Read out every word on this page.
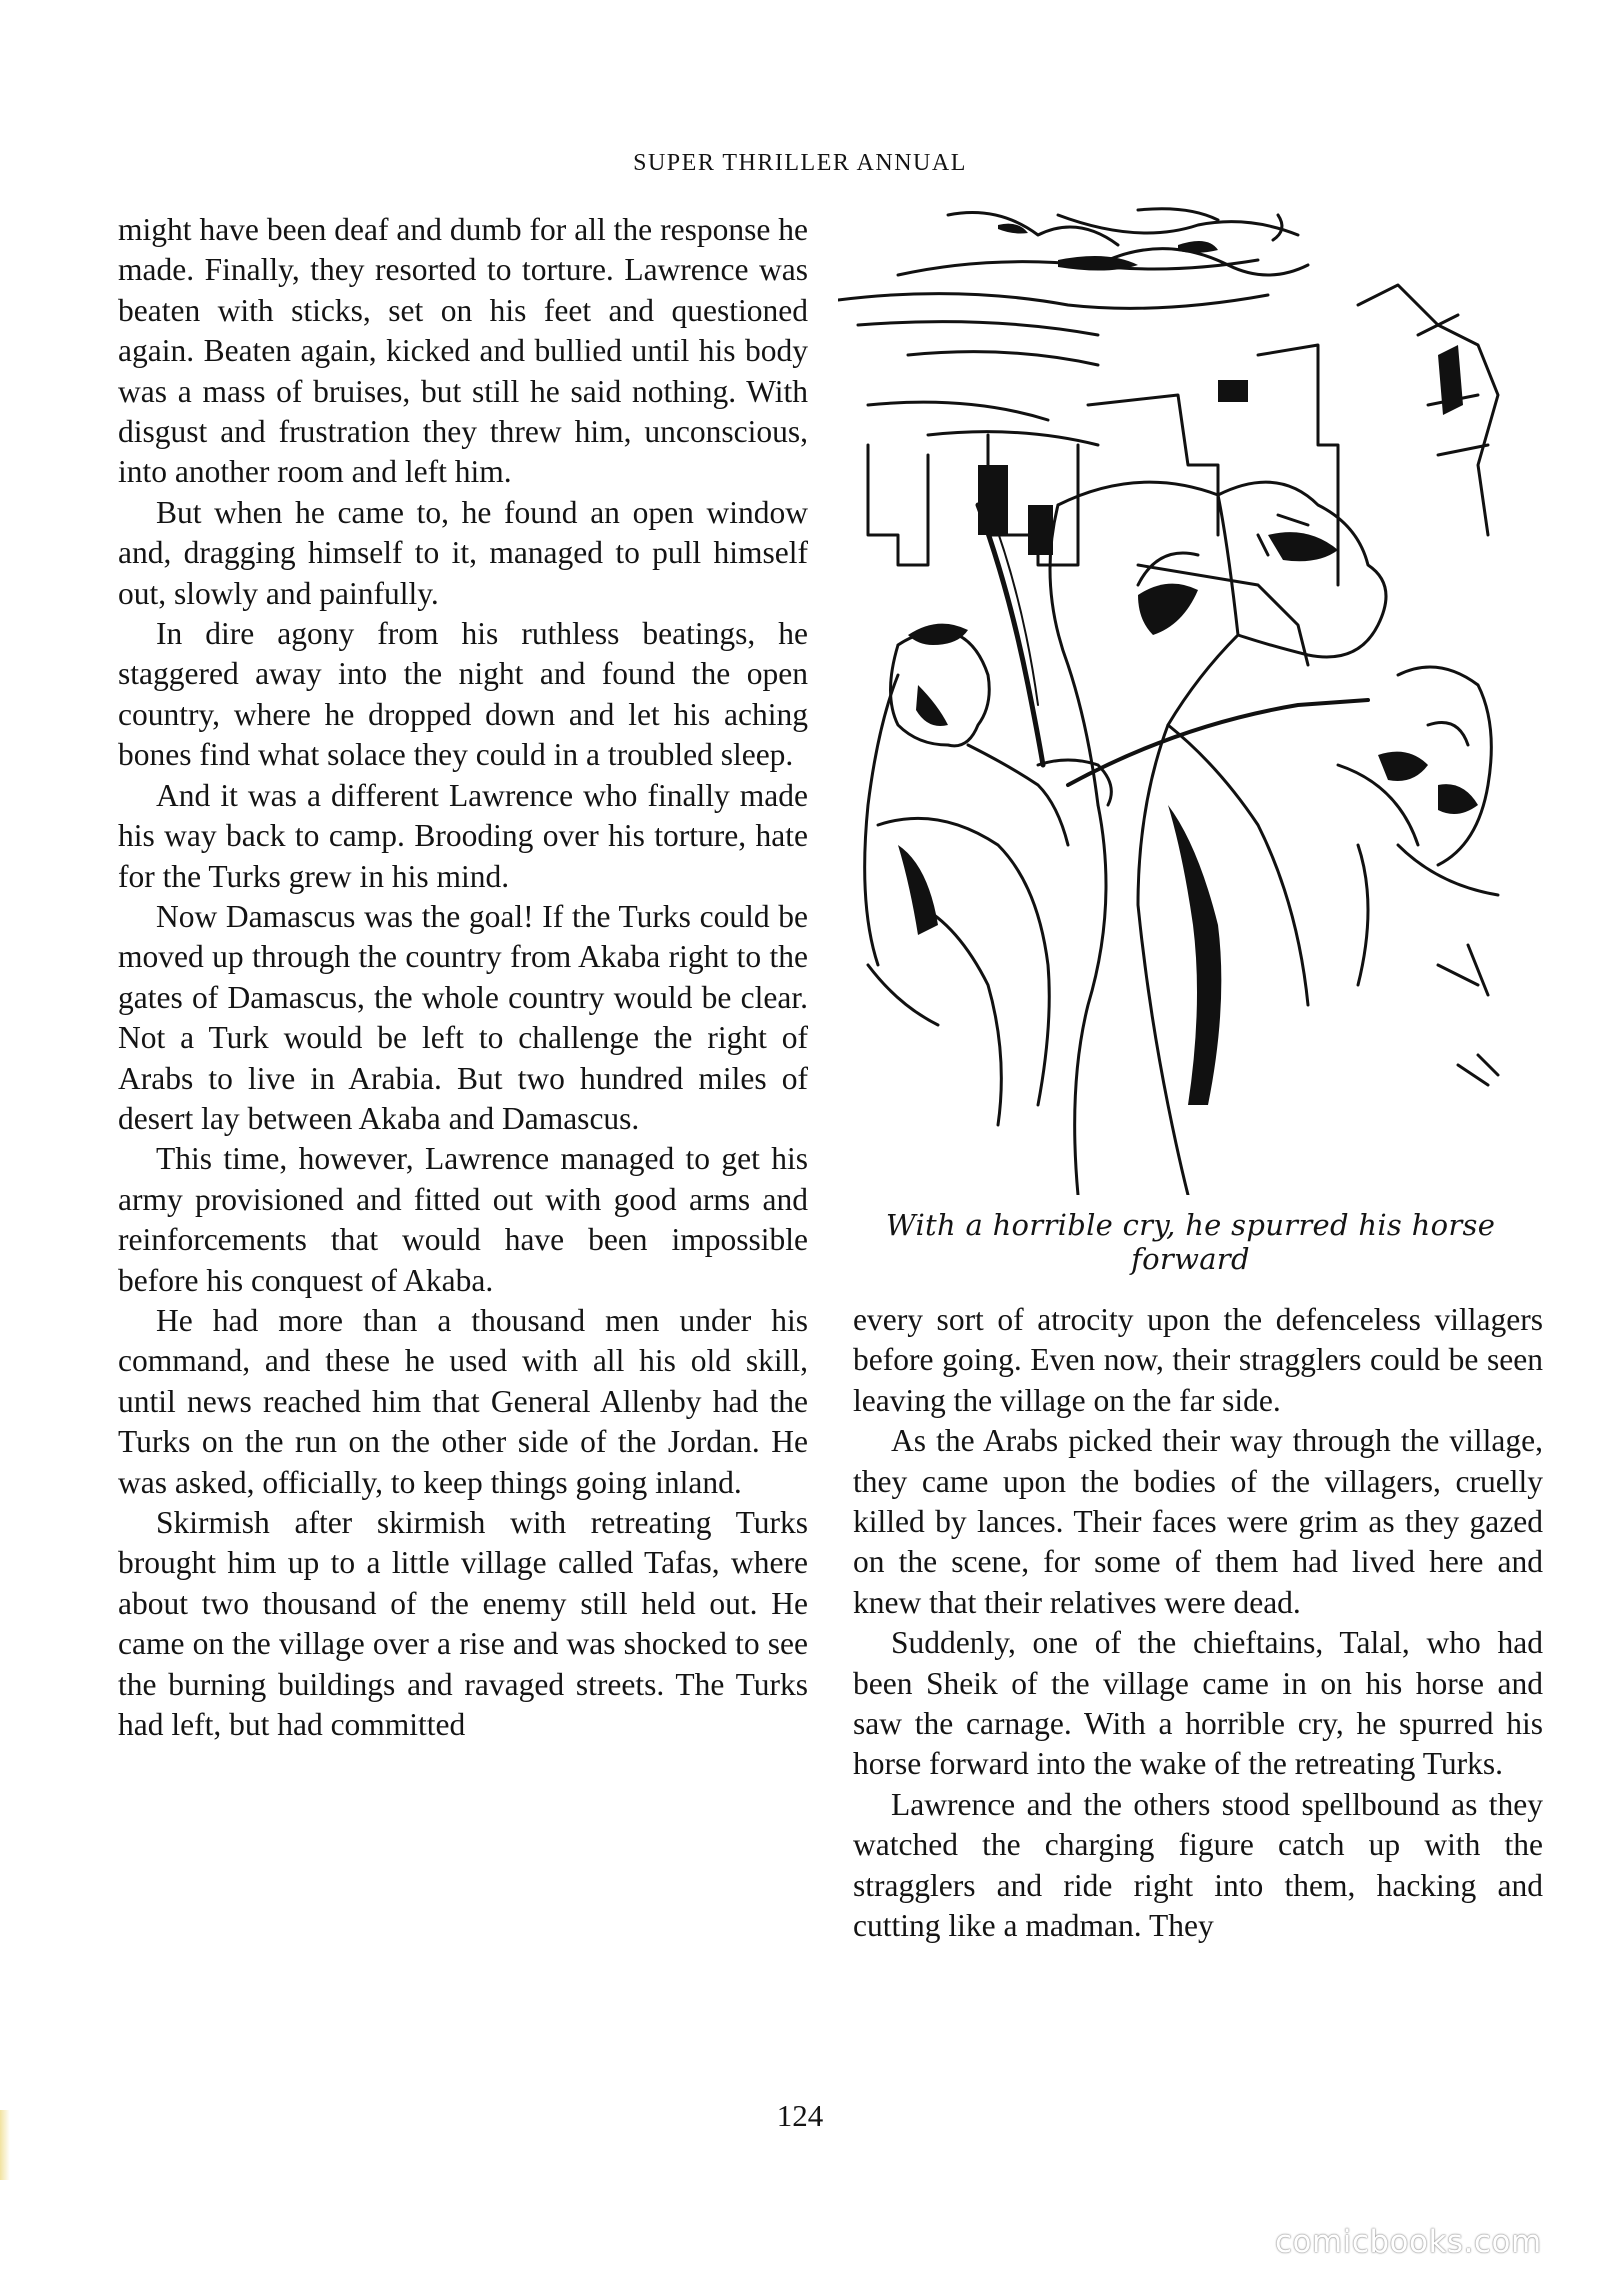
SUPER THRILLER ANNUAL

might have been deaf and dumb for all the response he made. Finally, they resorted to torture. Lawrence was beaten with sticks, set on his feet and questioned again. Beaten again, kicked and bullied until his body was a mass of bruises, but still he said nothing. With disgust and frustration they threw him, unconscious, into another room and left him.

But when he came to, he found an open window and, dragging himself to it, managed to pull himself out, slowly and painfully.

In dire agony from his ruthless beatings, he staggered away into the night and found the open country, where he dropped down and let his aching bones find what solace they could in a troubled sleep.

And it was a different Lawrence who finally made his way back to camp. Brooding over his torture, hate for the Turks grew in his mind.

Now Damascus was the goal! If the Turks could be moved up through the country from Akaba right to the gates of Damascus, the whole country would be clear. Not a Turk would be left to challenge the right of Arabs to live in Arabia. But two hundred miles of desert lay between Akaba and Damascus.

This time, however, Lawrence managed to get his army provisioned and fitted out with good arms and reinforcements that would have been impossible before his conquest of Akaba.

He had more than a thousand men under his command, and these he used with all his old skill, until news reached him that General Allenby had the Turks on the run on the other side of the Jordan. He was asked, officially, to keep things going inland.

Skirmish after skirmish with retreating Turks brought him up to a little village called Tafas, where about two thousand of the enemy still held out. He came on the village over a rise and was shocked to see the burning buildings and ravaged streets. The Turks had left, but had committed

With a horrible cry, he spurred his horse forward

every sort of atrocity upon the defenceless villagers before going. Even now, their stragglers could be seen leaving the village on the far side.

As the Arabs picked their way through the village, they came upon the bodies of the villagers, cruelly killed by lances. Their faces were grim as they gazed on the scene, for some of them had lived here and knew that their relatives were dead.

Suddenly, one of the chieftains, Talal, who had been Sheik of the village came in on his horse and saw the carnage. With a horrible cry, he spurred his horse forward into the wake of the retreating Turks.

Lawrence and the others stood spellbound as they watched the charging figure catch up with the stragglers and ride right into them, hacking and cutting like a madman. They

124
comicbooks.com
